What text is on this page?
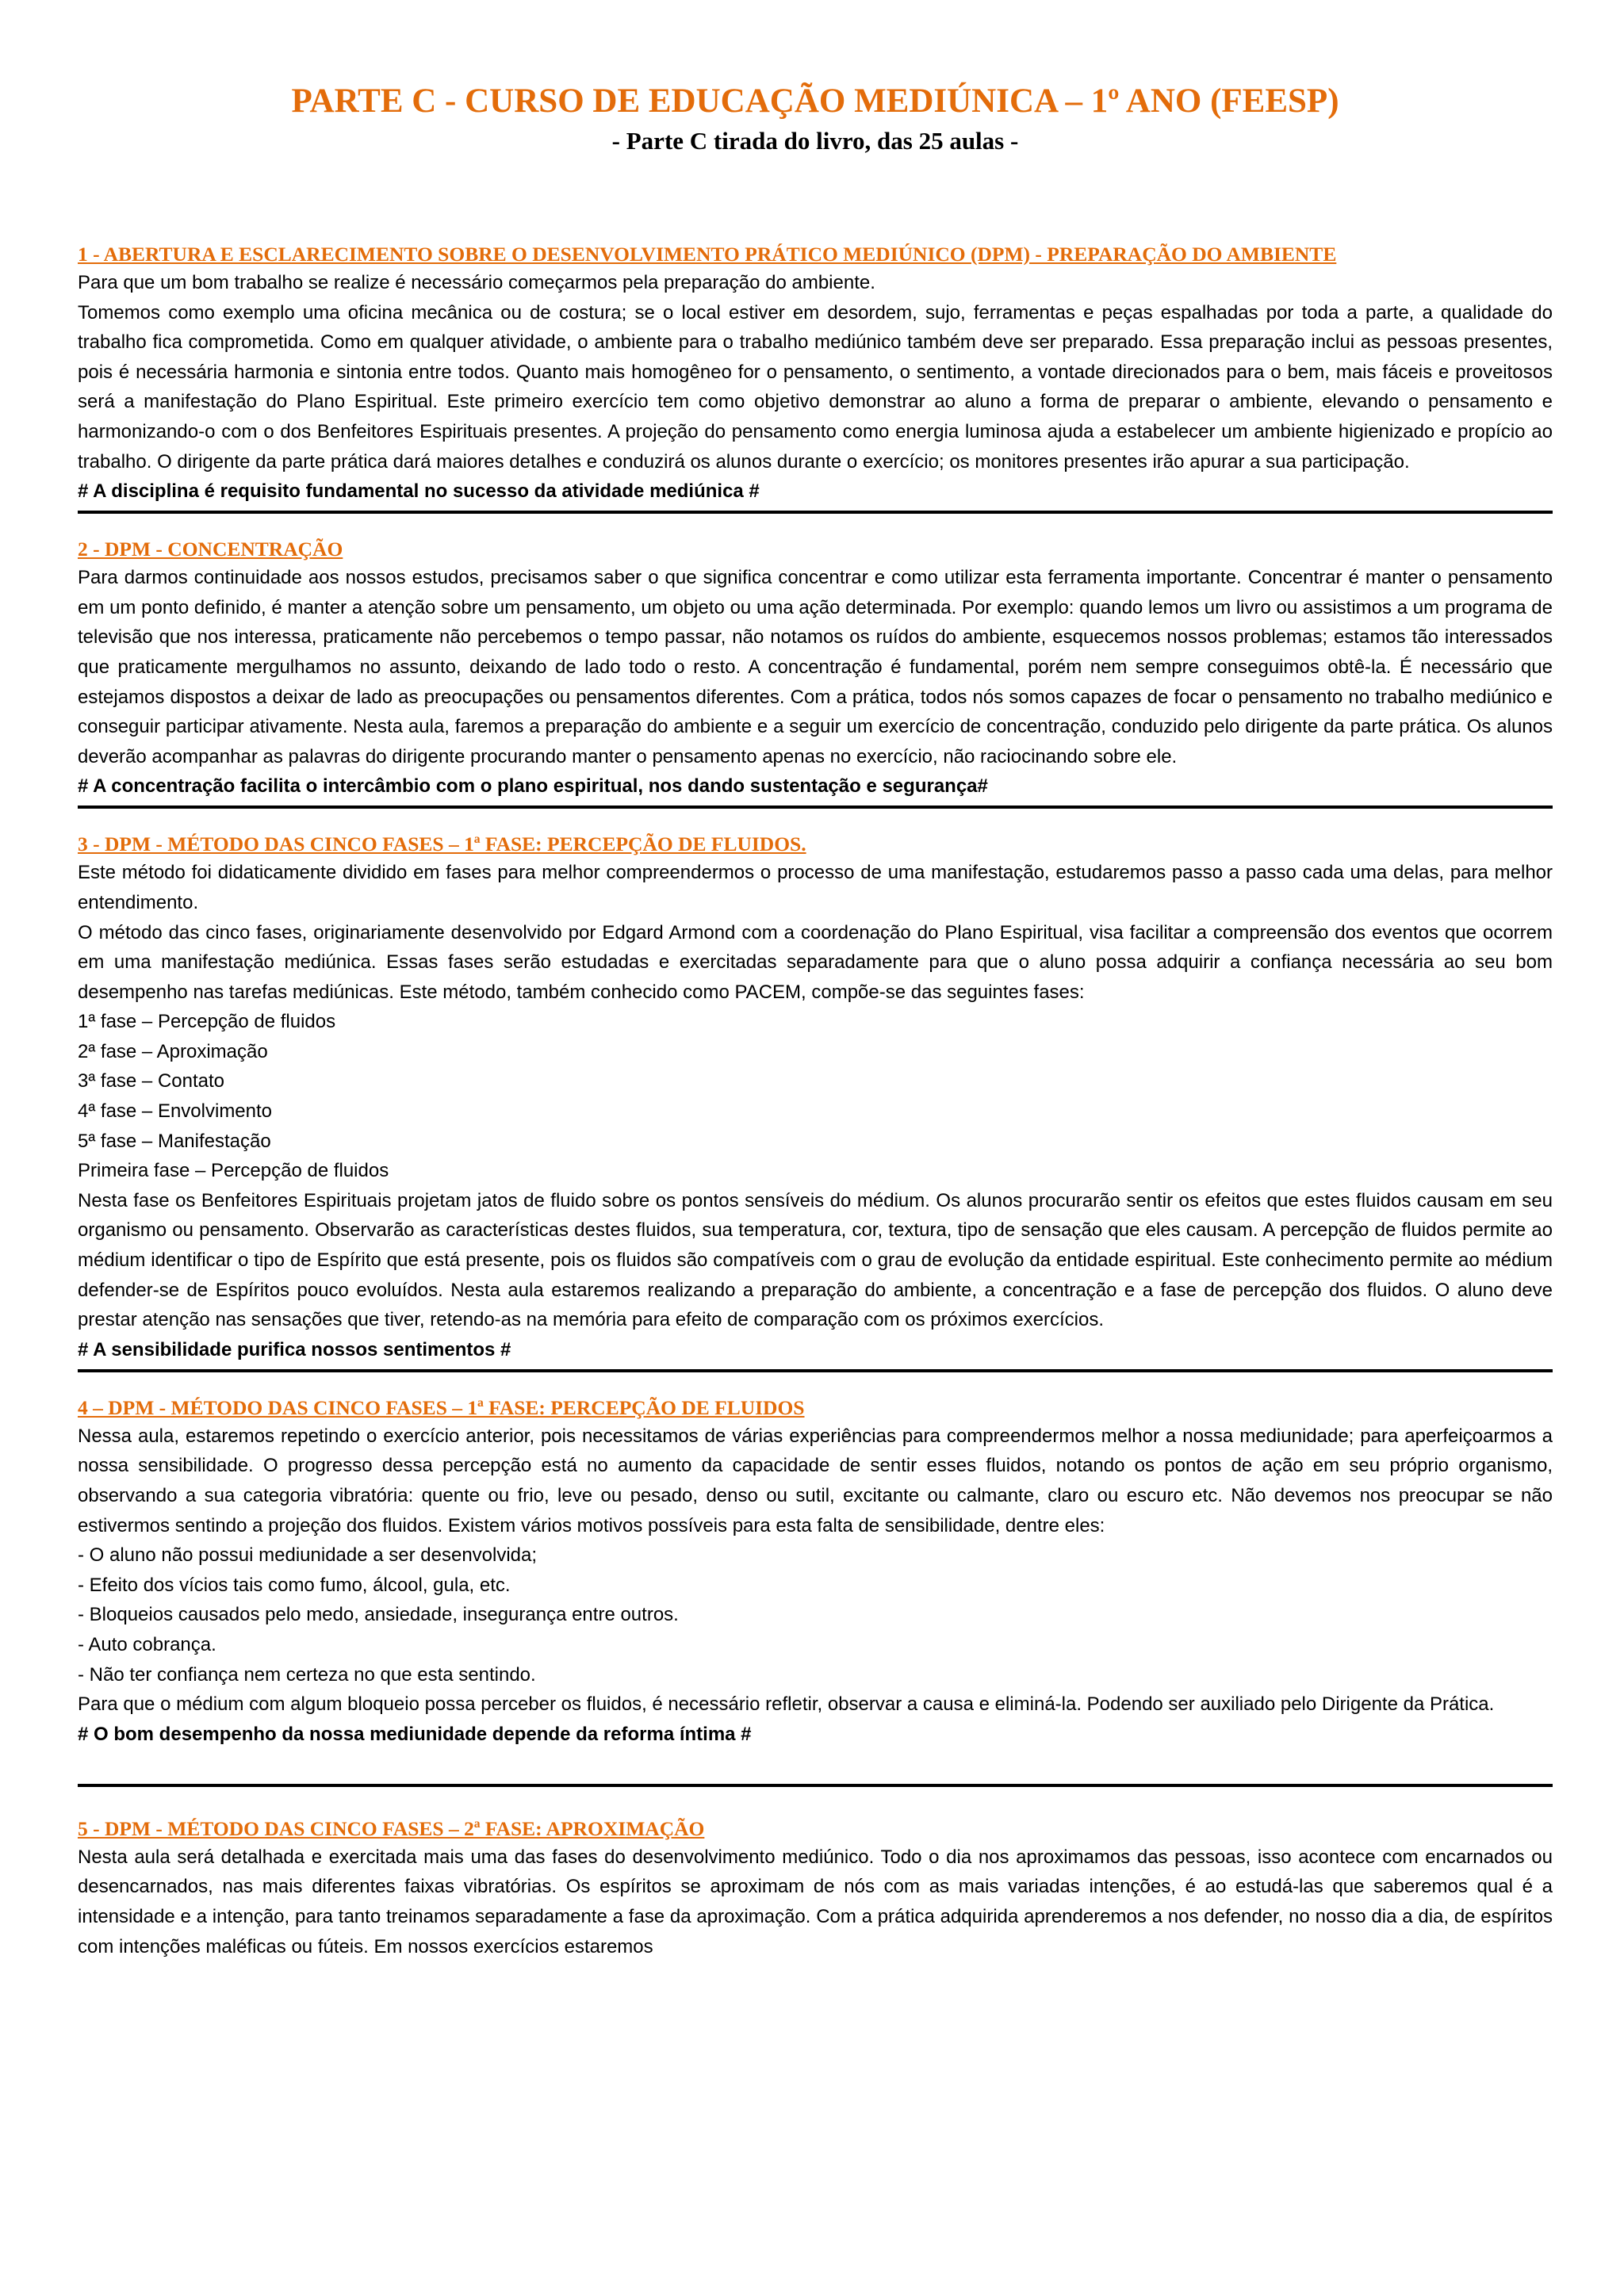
PARTE C - CURSO DE EDUCAÇÃO MEDIÚNICA – 1º ANO (FEESP)
- Parte C tirada do livro, das 25 aulas -
1 - ABERTURA E ESCLARECIMENTO SOBRE O DESENVOLVIMENTO PRÁTICO MEDIÚNICO (DPM) - PREPARAÇÃO DO AMBIENTE

Para que um bom trabalho se realize é necessário começarmos pela preparação do ambiente.

Tomemos como exemplo uma oficina mecânica ou de costura; se o local estiver em desordem, sujo, ferramentas e peças espalhadas por toda a parte, a qualidade do trabalho fica comprometida. Como em qualquer atividade, o ambiente para o trabalho mediúnico também deve ser preparado. Essa preparação inclui as pessoas presentes, pois é necessária harmonia e sintonia entre todos. Quanto mais homogêneo for o pensamento, o sentimento, a vontade direcionados para o bem, mais fáceis e proveitosos será a manifestação do Plano Espiritual. Este primeiro exercício tem como objetivo demonstrar ao aluno a forma de preparar o ambiente, elevando o pensamento e harmonizando-o com o dos Benfeitores Espirituais presentes. A projeção do pensamento como energia luminosa ajuda a estabelecer um ambiente higienizado e propício ao trabalho. O dirigente da parte prática dará maiores detalhes e conduzirá os alunos durante o exercício; os monitores presentes irão apurar a sua participação.

# A disciplina é requisito fundamental no sucesso da atividade mediúnica #
2 - DPM - CONCENTRAÇÃO

Para darmos continuidade aos nossos estudos, precisamos saber o que significa concentrar e como utilizar esta ferramenta importante. Concentrar é manter o pensamento em um ponto definido, é manter a atenção sobre um pensamento, um objeto ou uma ação determinada. Por exemplo: quando lemos um livro ou assistimos a um programa de televisão que nos interessa, praticamente não percebemos o tempo passar, não notamos os ruídos do ambiente, esquecemos nossos problemas; estamos tão interessados que praticamente mergulhamos no assunto, deixando de lado todo o resto. A concentração é fundamental, porém nem sempre conseguimos obtê-la. É necessário que estejamos dispostos a deixar de lado as preocupações ou pensamentos diferentes. Com a prática, todos nós somos capazes de focar o pensamento no trabalho mediúnico e conseguir participar ativamente. Nesta aula, faremos a preparação do ambiente e a seguir um exercício de concentração, conduzido pelo dirigente da parte prática. Os alunos deverão acompanhar as palavras do dirigente procurando manter o pensamento apenas no exercício, não raciocinando sobre ele.

# A concentração facilita o intercâmbio com o plano espiritual, nos dando sustentação e segurança#
3 - DPM - MÉTODO DAS CINCO FASES – 1ª FASE: PERCEPÇÃO DE FLUIDOS.

Este método foi didaticamente dividido em fases para melhor compreendermos o processo de uma manifestação, estudaremos passo a passo cada uma delas, para melhor entendimento.

O método das cinco fases, originariamente desenvolvido por Edgard Armond com a coordenação do Plano Espiritual, visa facilitar a compreensão dos eventos que ocorrem em uma manifestação mediúnica. Essas fases serão estudadas e exercitadas separadamente para que o aluno possa adquirir a confiança necessária ao seu bom desempenho nas tarefas mediúnicas. Este método, também conhecido como PACEM, compõe-se das seguintes fases:

1ª fase – Percepção de fluidos
2ª fase – Aproximação
3ª fase – Contato
4ª fase – Envolvimento
5ª fase – Manifestação
Primeira fase – Percepção de fluidos

Nesta fase os Benfeitores Espirituais projetam jatos de fluido sobre os pontos sensíveis do médium. Os alunos procurarão sentir os efeitos que estes fluidos causam em seu organismo ou pensamento. Observarão as características destes fluidos, sua temperatura, cor, textura, tipo de sensação que eles causam. A percepção de fluidos permite ao médium identificar o tipo de Espírito que está presente, pois os fluidos são compatíveis com o grau de evolução da entidade espiritual. Este conhecimento permite ao médium defender-se de Espíritos pouco evoluídos. Nesta aula estaremos realizando a preparação do ambiente, a concentração e a fase de percepção dos fluidos. O aluno deve prestar atenção nas sensações que tiver, retendo-as na memória para efeito de comparação com os próximos exercícios.

# A sensibilidade purifica nossos sentimentos #
4 – DPM - MÉTODO DAS CINCO FASES – 1ª FASE: PERCEPÇÃO DE FLUIDOS

Nessa aula, estaremos repetindo o exercício anterior, pois necessitamos de várias experiências para compreendermos melhor a nossa mediunidade; para aperfeiçoarmos a nossa sensibilidade. O progresso dessa percepção está no aumento da capacidade de sentir esses fluidos, notando os pontos de ação em seu próprio organismo, observando a sua categoria vibratória: quente ou frio, leve ou pesado, denso ou sutil, excitante ou calmante, claro ou escuro etc. Não devemos nos preocupar se não estivermos sentindo a projeção dos fluidos. Existem vários motivos possíveis para esta falta de sensibilidade, dentre eles:

- O aluno não possui mediunidade a ser desenvolvida;
- Efeito dos vícios tais como fumo, álcool, gula, etc.
- Bloqueios causados pelo medo, ansiedade, insegurança entre outros.
- Auto cobrança.
- Não ter confiança nem certeza no que esta sentindo.

Para que o médium com algum bloqueio possa perceber os fluidos, é necessário refletir, observar a causa e eliminá-la. Podendo ser auxiliado pelo Dirigente da Prática.

# O bom desempenho da nossa mediunidade depende da reforma íntima #
5 - DPM - MÉTODO DAS CINCO FASES – 2ª FASE: APROXIMAÇÃO

Nesta aula será detalhada e exercitada mais uma das fases do desenvolvimento mediúnico. Todo o dia nos aproximamos das pessoas, isso acontece com encarnados ou desencarnados, nas mais diferentes faixas vibratórias. Os espíritos se aproximam de nós com as mais variadas intenções, é ao estudá-las que saberemos qual é a intensidade e a intenção, para tanto treinamos separadamente a fase da aproximação. Com a prática adquirida aprenderemos a nos defender, no nosso dia a dia, de espíritos com intenções maléficas ou fúteis. Em nossos exercícios estaremos
